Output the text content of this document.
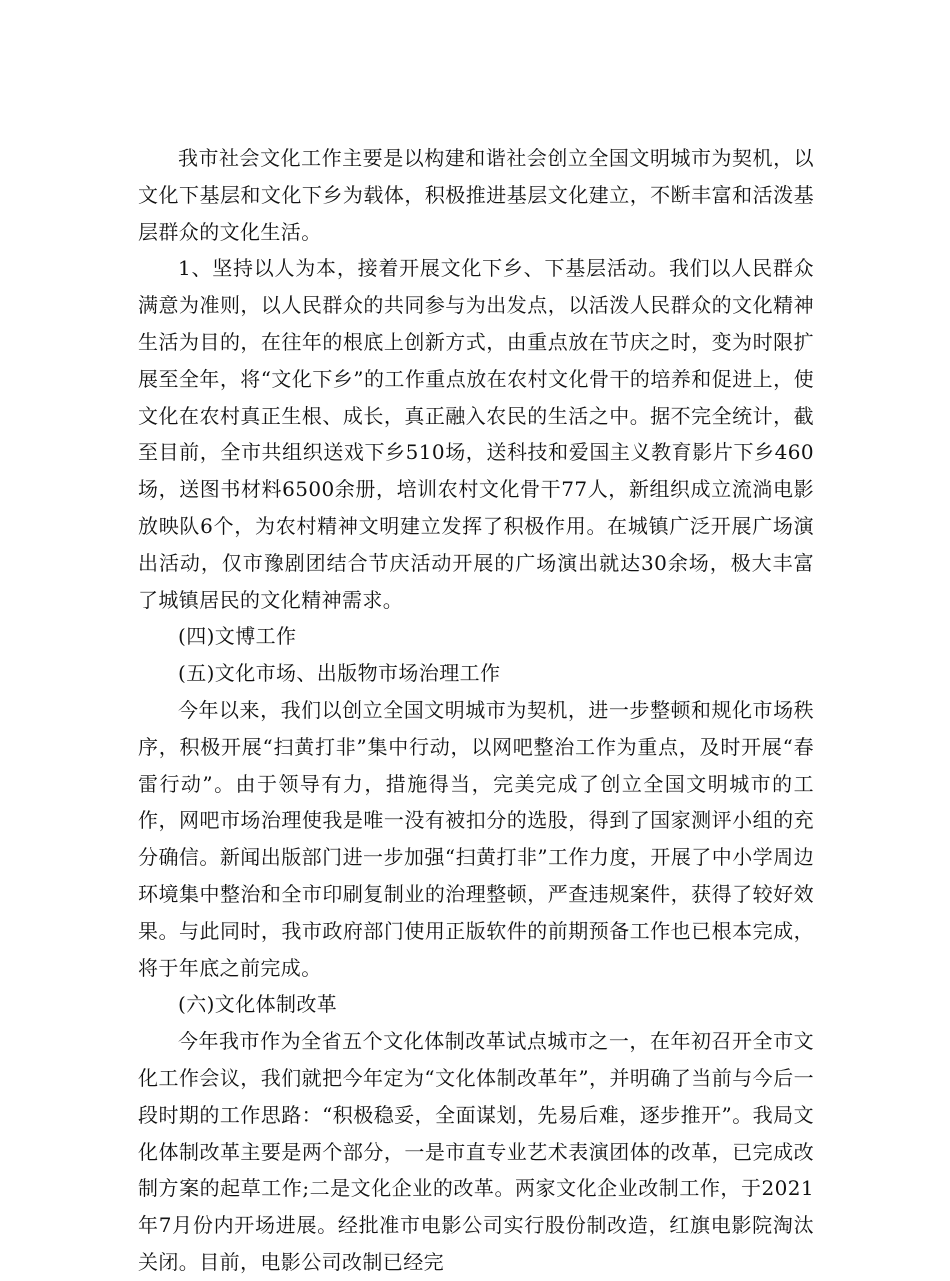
我市社会文化工作主要是以构建和谐社会创立全国文明城市为契机，以文化下基层和文化下乡为载体，积极推进基层文化建立，不断丰富和活泼基层群众的文化生活。

1、坚持以人为本，接着开展文化下乡、下基层活动。我们以人民群众满意为准则，以人民群众的共同参与为出发点，以活泼人民群众的文化精神生活为目的，在往年的根底上创新方式，由重点放在节庆之时，变为时限扩展至全年，将“文化下乡”的工作重点放在农村文化骨干的培养和促进上，使文化在农村真正生根、成长，真正融入农民的生活之中。据不完全统计，截至目前，全市共组织送戏下乡510场，送科技和爱国主义教育影片下乡460场，送图书材料6500余册，培训农村文化骨干77人，新组织成立流淌电影放映队6个，为农村精神文明建立发挥了积极作用。在城镇广泛开展广场演出活动，仅市豫剧团结合节庆活动开展的广场演出就达30余场，极大丰富了城镇居民的文化精神需求。

(四)文博工作

(五)文化市场、出版物市场治理工作

今年以来，我们以创立全国文明城市为契机，进一步整顿和规化市场秩序，积极开展“扫黄打非”集中行动，以网吧整治工作为重点，及时开展“春雷行动”。由于领导有力，措施得当，完美完成了创立全国文明城市的工作，网吧市场治理使我是唯一没有被扣分的选股，得到了国家测评小组的充分确信。新闻出版部门进一步加强“扫黄打非”工作力度，开展了中小学周边环境集中整治和全市印刷复制业的治理整顿，严查违规案件，获得了较好效果。与此同时，我市政府部门使用正版软件的前期预备工作也已根本完成，将于年底之前完成。

(六)文化体制改革

今年我市作为全省五个文化体制改革试点城市之一，在年初召开全市文化工作会议，我们就把今年定为“文化体制改革年”，并明确了当前与今后一段时期的工作思路：“积极稳妥，全面谋划，先易后难，逐步推开”。我局文化体制改革主要是两个部分，一是市直专业艺术表演团体的改革，已完成改制方案的起草工作;二是文化企业的改革。两家文化企业改制工作，于2021年7月份内开场进展。经批准市电影公司实行股份制改造，红旗电影院淘汰关闭。目前，电影公司改制已经完
